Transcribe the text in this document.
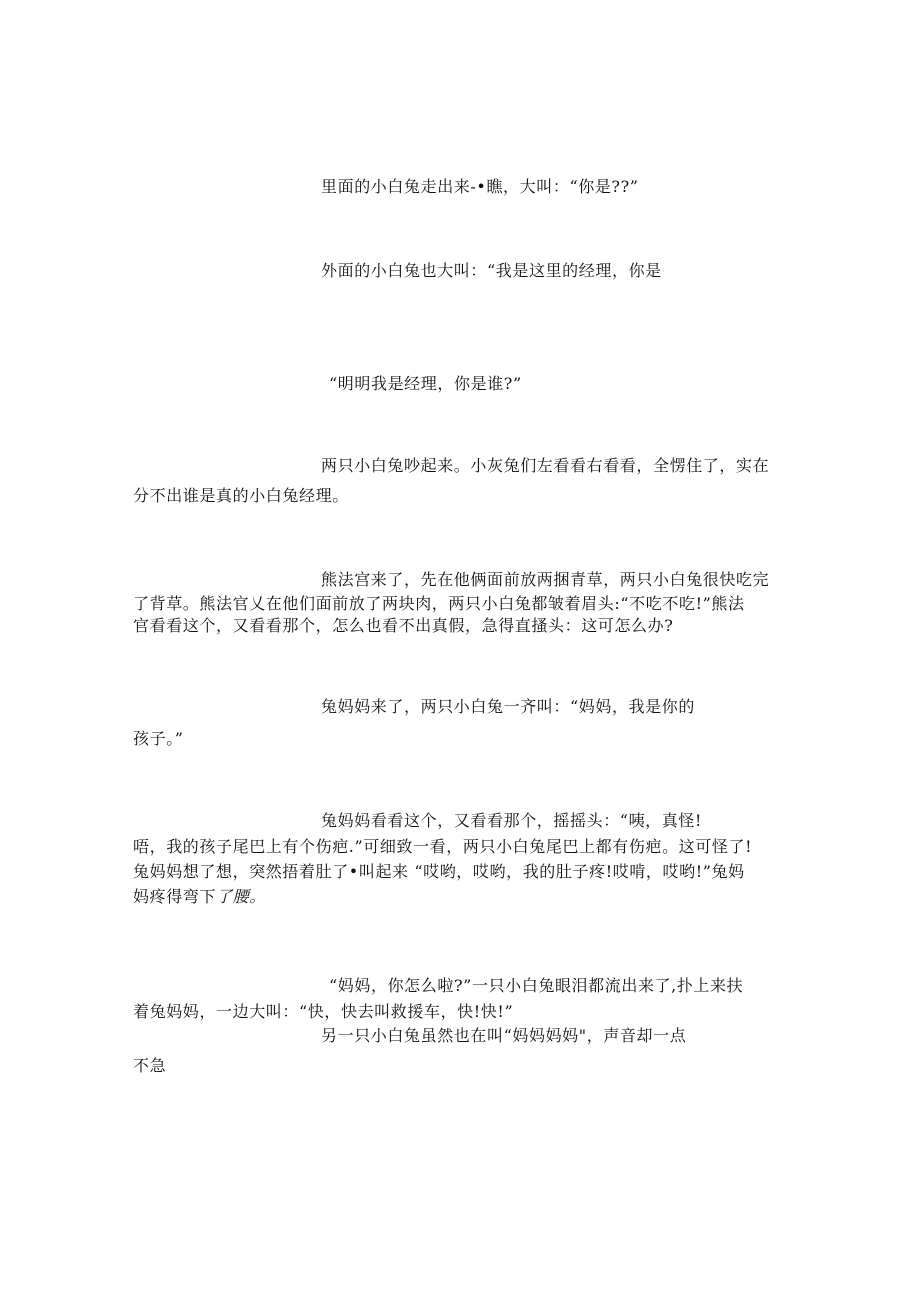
里面的小白兔走出来-•瞧，大叫：“你是??”
外面的小白兔也大叫：“我是这里的经理，你是
“明明我是经理，你是谁?”
两只小白兔吵起来。小灰兔们左看看右看看，全愣住了，实在
分不出谁是真的小白兔经理。
熊法宫来了，先在他俩面前放两捆青草，两只小白兔很快吃完
了背草。熊法官乂在他们面前放了两块肉，两只小白兔都皱着眉头:“不吃不吃!”熊法
官看看这个，又看看那个，怎么也看不出真假，急得直搔头：这可怎么办?
兔妈妈来了，两只小白兔一齐叫：“妈妈，我是你的
孩子。”
兔妈妈看看这个，又看看那个，摇摇头：“咦，真怪!
唔，我的孩子尾巴上有个伤疤.”可细致一看，两只小白兔尾巴上都有伤疤。这可怪了!
兔妈妈想了想，突然捂着肚了•叫起来 “哎哟，哎哟，我的肚子疼!哎啃，哎哟!”兔妈
妈疼得弯下了腰。
“妈妈，你怎么啦?”一只小白兔眼泪都流出来了,扑上来扶
着兔妈妈，一边大叫：“快，快去叫救援车，快!快!”
另一只小白兔虽然也在叫“妈妈妈妈"，声音却一点
不急
